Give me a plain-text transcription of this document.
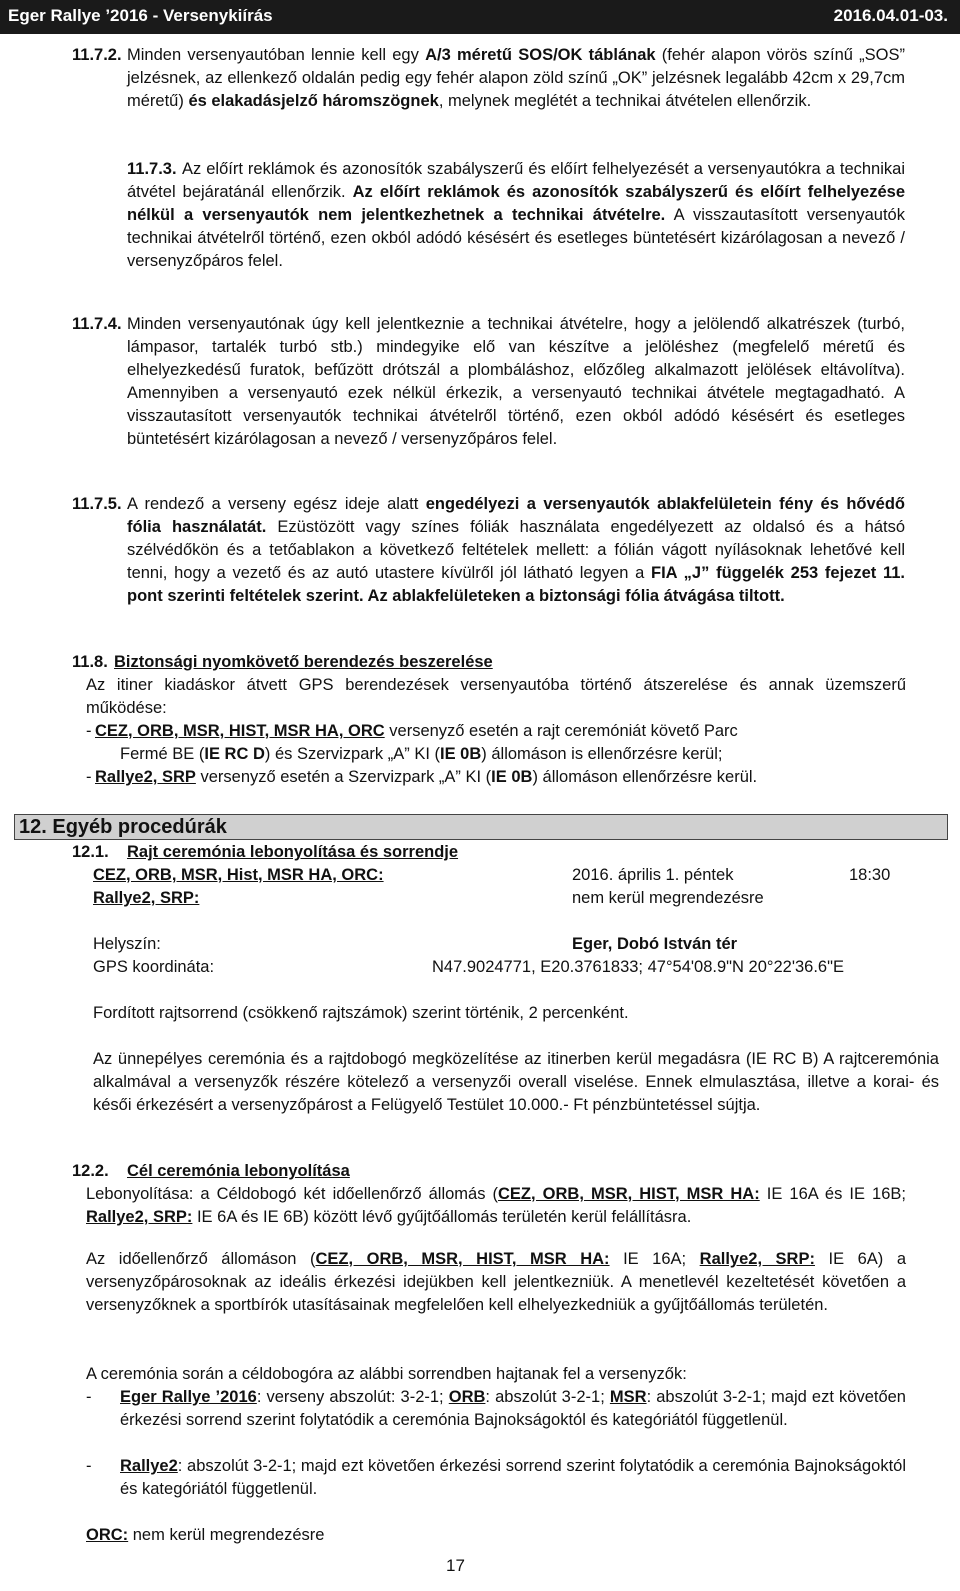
Eger Rallye ’2016 - Versenykiírás	2016.04.01-03.
11.7.2. Minden versenyautóban lennie kell egy A/3 méretű SOS/OK táblának (fehér alapon vörös színű „SOS” jelzésnek, az ellenkező oldalán pedig egy fehér alapon zöld színű „OK” jelzésnek legalább 42cm x 29,7cm méretű) és elakadásjelző háromszögnek, melynek meglétét a technikai átvételen ellenőrzik.
11.7.3. Az előírt reklámok és azonosítók szabályszerű és előírt felhelyezését a versenyautókra a technikai átvétel bejáratánál ellenőrzik. Az előírt reklámok és azonosítók szabályszerű és előírt felhelyezése nélkül a versenyautók nem jelentkezhetnek a technikai átvételre. A visszautasított versenyautók technikai átvételről történő, ezen okból adódó késésért és esetleges büntetésért kizárólagosan a nevező / versenyzőpáros felel.
11.7.4. Minden versenyautónak úgy kell jelentkeznie a technikai átvételre, hogy a jelölendő alkatrészek (turbó, lámpasor, tartalék turbó stb.) mindegyike elő van készítve a jelöléshez (megfelelő méretű és elhelyezkedésű furatok, befűzött drótszál a plombáláshoz, előzőleg alkalmazott jelölések eltávolítva). Amennyiben a versenyautó ezek nélkül érkezik, a versenyautó technikai átvétele megtagadható. A visszautasított versenyautók technikai átvételről történő, ezen okból adódó késésért és esetleges büntetésért kizárólagosan a nevező / versenyzőpáros felel.
11.7.5. A rendező a verseny egész ideje alatt engedélyezi a versenyautók ablakfelületein fény és hővédő fólia használatát. Ezüstözött vagy színes fóliák használata engedélyezett az oldalsó és a hátsó szélvédőkön és a tetőablakon a következő feltételek mellett: a fólián vágott nyílásoknak lehetővé kell tenni, hogy a vezető és az autó utastere kívülről jól látható legyen a FIA „J” függelék 253 fejezet 11. pont szerinti feltételek szerint. Az ablakfelületeken a biztonsági fólia átvágása tiltott.
11.8. Biztonsági nyomkövető berendezés beszerelése
Az itiner kiadáskor átvett GPS berendezések versenyautóba történő átszerelése és annak üzemszerű működése:
- CEZ, ORB, MSR, HIST, MSR HA, ORC versenyző esetén a rajt ceremóniát követő Parc
Fermé BE (IE RC D) és Szervizpark „A” KI (IE 0B) állomáson is ellenőrzésre kerül;
- Rallye2, SRP versenyző esetén a Szervizpark „A” KI (IE 0B) állomáson ellenőrzésre kerül.
12. Egyéb procedúrák
12.1. Rajt ceremónia lebonyolítása és sorrendje
CEZ, ORB, MSR, Hist, MSR HA, ORC:	2016. április 1. péntek	18:30
Rallye2, SRP:	nem kerül megrendezésre
Helyszín:	Eger, Dobó István tér
GPS koordináta:	N47.9024771, E20.3761833; 47°54'08.9"N 20°22'36.6"E
Fordított rajtsorrend (csökkenő rajtszámok) szerint történik, 2 percenként.
Az ünnepélyes ceremónia és a rajtdobogó megközelítése az itinerben kerül megadásra (IE RC B) A rajtceremónia alkalmával a versenyzők részére kötelező a versenyzői overall viselése. Ennek elmulasztása, illetve a korai- és késői érkezésért a versenyzőpárost a Felügyelő Testület 10.000.- Ft pénzbüntetéssel sújtja.
12.2. Cél ceremónia lebonyolítása
Lebonyolítása: a Céldobogó két időellenőrző állomás (CEZ, ORB, MSR, HIST, MSR HA: IE 16A és IE 16B; Rallye2, SRP: IE 6A és IE 6B) között lévő gyűjtőállomás területén kerül felállításra.
Az időellenőrző állomáson (CEZ, ORB, MSR, HIST, MSR HA: IE 16A; Rallye2, SRP: IE 6A) a versenyzőpárosoknak az ideális érkezési idejükben kell jelentkezniük. A menetlevél kezeltetését követően a versenyzőknek a sportbírók utasításainak megfelelően kell elhelyezkedniük a gyűjtőállomás területén.
A ceremónia során a céldobogóra az alábbi sorrendben hajtanak fel a versenyzők:
- Eger Rallye ’2016: verseny abszolút: 3-2-1; ORB: abszolút 3-2-1; MSR: abszolút 3-2-1; majd ezt követően érkezési sorrend szerint folytatódik a ceremónia Bajnokságoktól és kategóriától függetlenül.
- Rallye2: abszolút 3-2-1; majd ezt követően érkezési sorrend szerint folytatódik a ceremónia Bajnokságoktól és kategóriától függetlenül.
ORC: nem kerül megrendezésre
17
